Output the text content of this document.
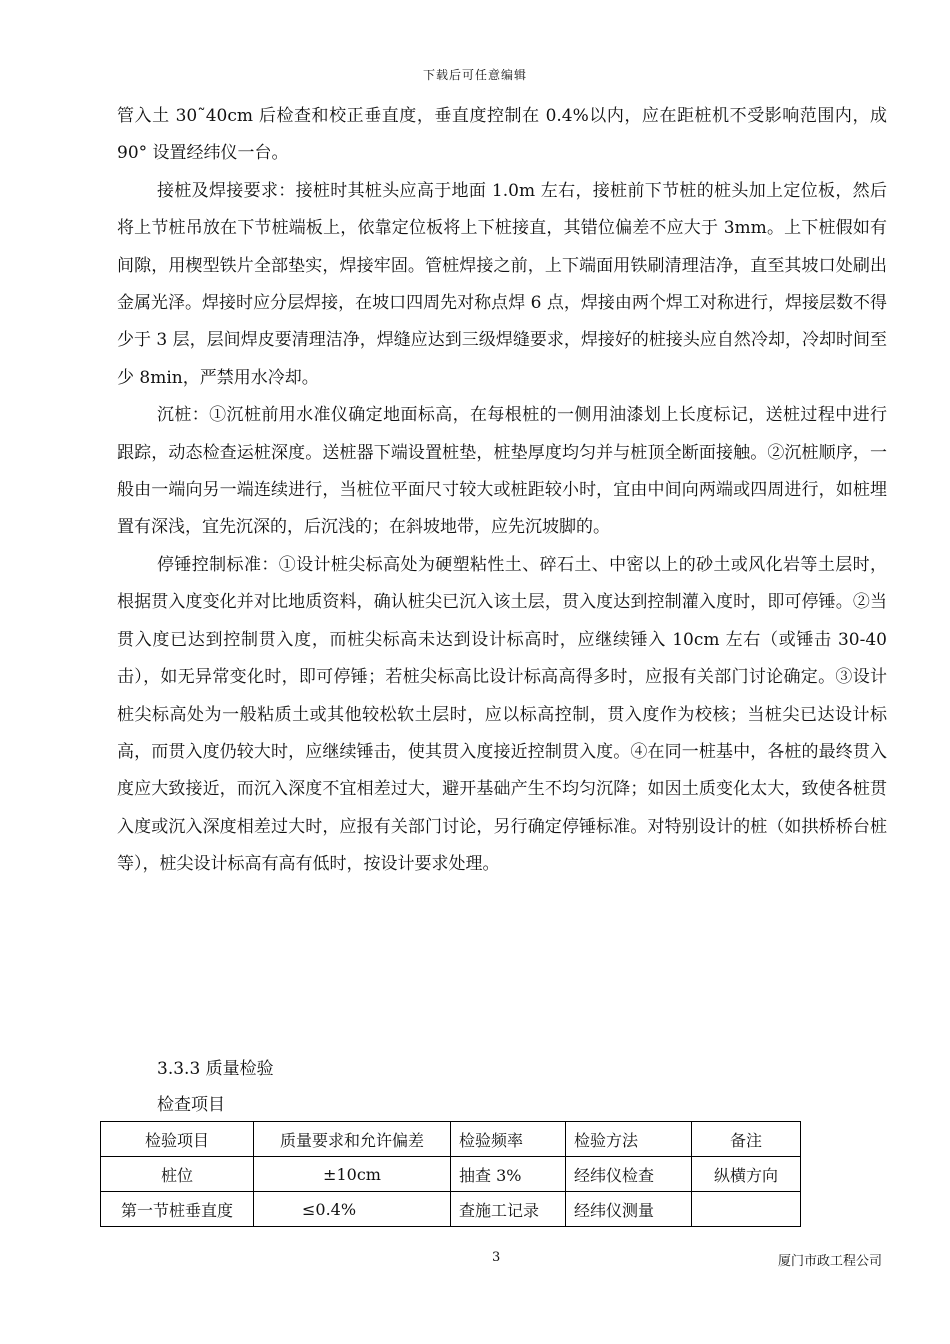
下载后可任意编辑

管入土 30˜40cm 后检查和校正垂直度，垂直度控制在 0.4%以内，应在距桩机不受影响范围内，成 90° 设置经纬仪一台。

接桩及焊接要求：接桩时其桩头应高于地面 1.0m 左右，接桩前下节桩的桩头加上定位板，然后将上节桩吊放在下节桩端板上，依靠定位板将上下桩接直，其错位偏差不应大于 3mm。上下桩假如有间隙，用楔型铁片全部垫实，焊接牢固。管桩焊接之前，上下端面用铁刷清理洁净，直至其坡口处刷出金属光泽。焊接时应分层焊接，在坡口四周先对称点焊 6 点，焊接由两个焊工对称进行，焊接层数不得少于 3 层，层间焊皮要清理洁净，焊缝应达到三级焊缝要求，焊接好的桩接头应自然冷却，冷却时间至少 8min，严禁用水冷却。

沉桩：①沉桩前用水准仪确定地面标高，在每根桩的一侧用油漆划上长度标记，送桩过程中进行跟踪，动态检查运桩深度。送桩器下端设置桩垫，桩垫厚度均匀并与桩顶全断面接触。②沉桩顺序，一般由一端向另一端连续进行，当桩位平面尺寸较大或桩距较小时，宜由中间向两端或四周进行，如桩埋置有深浅，宜先沉深的，后沉浅的；在斜坡地带，应先沉坡脚的。

停锤控制标准：①设计桩尖标高处为硬塑粘性土、碎石土、中密以上的砂土或风化岩等土层时，根据贯入度变化并对比地质资料，确认桩尖已沉入该土层，贯入度达到控制灌入度时，即可停锤。②当贯入度已达到控制贯入度，而桩尖标高未达到设计标高时，应继续锤入 10cm 左右（或锤击 30-40 击），如无异常变化时，即可停锤；若桩尖标高比设计标高高得多时，应报有关部门讨论确定。③设计桩尖标高处为一般粘质土或其他较松软土层时，应以标高控制，贯入度作为校核；当桩尖已达设计标高，而贯入度仍较大时，应继续锤击，使其贯入度接近控制贯入度。④在同一桩基中，各桩的最终贯入度应大致接近，而沉入深度不宜相差过大，避开基础产生不均匀沉降；如因土质变化太大，致使各桩贯入度或沉入深度相差过大时，应报有关部门讨论，另行确定停锤标准。对特别设计的桩（如拱桥桥台桩等），桩尖设计标高有高有低时，按设计要求处理。

3.3.3 质量检验
检查项目
检验项目	质量要求和允许偏差	检验频率	检验方法	备注
桩位	±10cm	抽查 3%	经纬仪检查	纵横方向
第一节桩垂直度	≤0.4%	查施工记录	经纬仪测量	
3	厦门市政工程公司
